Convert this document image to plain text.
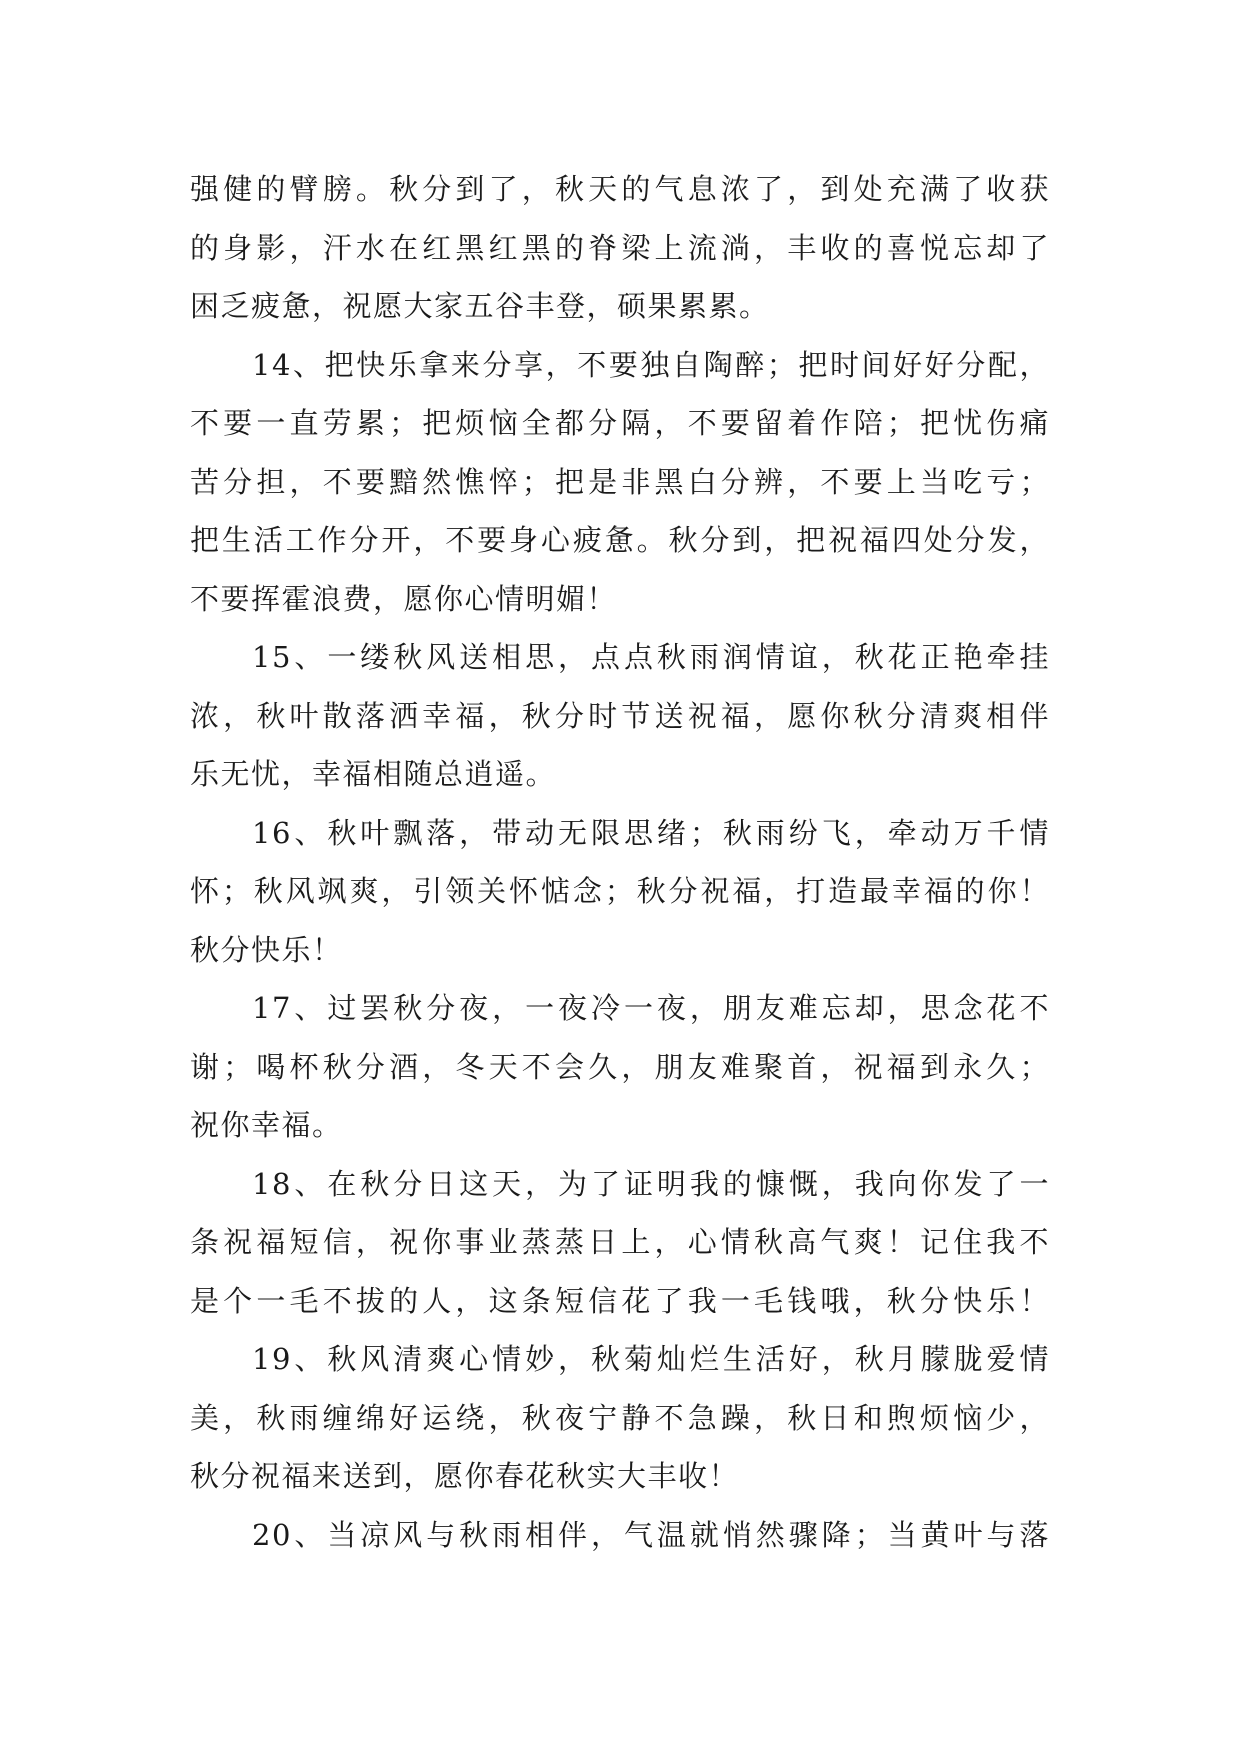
强健的臂膀。秋分到了，秋天的气息浓了，到处充满了收获
的身影，汗水在红黑红黑的脊梁上流淌，丰收的喜悦忘却了
困乏疲惫，祝愿大家五谷丰登，硕果累累。
14、把快乐拿来分享，不要独自陶醉；把时间好好分配，
不要一直劳累；把烦恼全都分隔，不要留着作陪；把忧伤痛
苦分担，不要黯然憔悴；把是非黑白分辨，不要上当吃亏；
把生活工作分开，不要身心疲惫。秋分到，把祝福四处分发，
不要挥霍浪费，愿你心情明媚！
15、一缕秋风送相思，点点秋雨润情谊，秋花正艳牵挂
浓，秋叶散落洒幸福，秋分时节送祝福，愿你秋分清爽相伴
乐无忧，幸福相随总逍遥。
16、秋叶飘落，带动无限思绪；秋雨纷飞，牵动万千情
怀；秋风飒爽，引领关怀惦念；秋分祝福，打造最幸福的你！
秋分快乐！
17、过罢秋分夜，一夜冷一夜，朋友难忘却，思念花不
谢；喝杯秋分酒，冬天不会久，朋友难聚首，祝福到永久；
祝你幸福。
18、在秋分日这天，为了证明我的慷慨，我向你发了一
条祝福短信，祝你事业蒸蒸日上，心情秋高气爽！记住我不
是个一毛不拔的人，这条短信花了我一毛钱哦，秋分快乐！
19、秋风清爽心情妙，秋菊灿烂生活好，秋月朦胧爱情
美，秋雨缠绵好运绕，秋夜宁静不急躁，秋日和煦烦恼少，
秋分祝福来送到，愿你春花秋实大丰收！
20、当凉风与秋雨相伴，气温就悄然骤降；当黄叶与落
